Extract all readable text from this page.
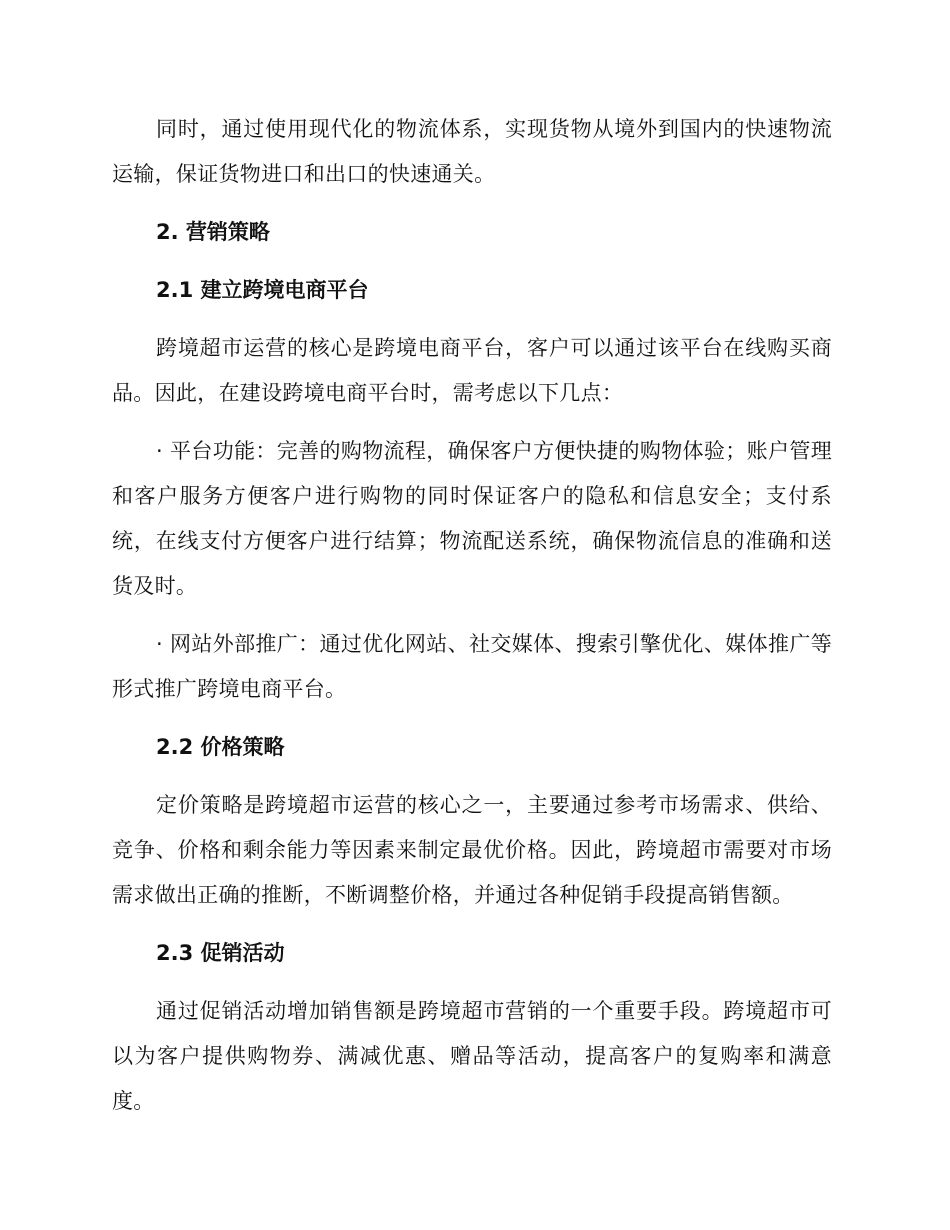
同时，通过使用现代化的物流体系，实现货物从境外到国内的快速物流运输，保证货物进口和出口的快速通关。

2. 营销策略
2.1 建立跨境电商平台

跨境超市运营的核心是跨境电商平台，客户可以通过该平台在线购买商品。因此，在建设跨境电商平台时，需考虑以下几点：

· 平台功能：完善的购物流程，确保客户方便快捷的购物体验；账户管理和客户服务方便客户进行购物的同时保证客户的隐私和信息安全；支付系统，在线支付方便客户进行结算；物流配送系统，确保物流信息的准确和送货及时。

· 网站外部推广：通过优化网站、社交媒体、搜索引擎优化、媒体推广等形式推广跨境电商平台。

2.2 价格策略

定价策略是跨境超市运营的核心之一，主要通过参考市场需求、供给、竞争、价格和剩余能力等因素来制定最优价格。因此，跨境超市需要对市场需求做出正确的推断，不断调整价格，并通过各种促销手段提高销售额。

2.3 促销活动

通过促销活动增加销售额是跨境超市营销的一个重要手段。跨境超市可以为客户提供购物券、满减优惠、赠品等活动，提高客户的复购率和满意度。
